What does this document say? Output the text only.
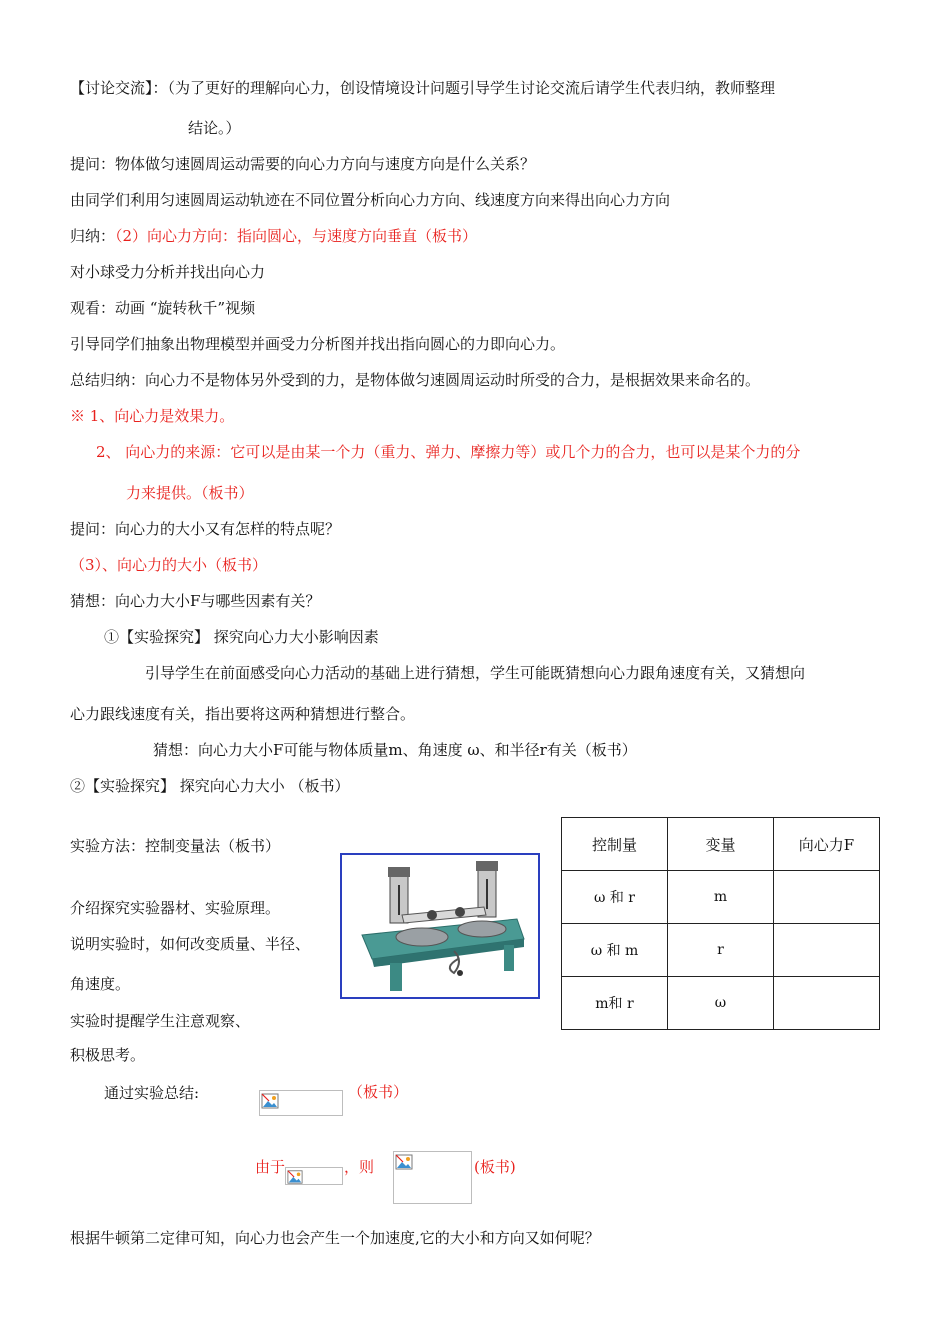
【讨论交流】：（为了更好的理解向心力，创设情境设计问题引导学生讨论交流后请学生代表归纳，教师整理
结论。）
提问：物体做匀速圆周运动需要的向心力方向与速度方向是什么关系？
由同学们利用匀速圆周运动轨迹在不同位置分析向心力方向、线速度方向来得出向心力方向
归纳：（2）向心力方向：指向圆心，与速度方向垂直（板书）
对小球受力分析并找出向心力
观看：动画 “旋转秋千”视频
引导同学们抽象出物理模型并画受力分析图并找出指向圆心的力即向心力。
总结归纳：向心力不是物体另外受到的力，是物体做匀速圆周运动时所受的合力，是根据效果来命名的。
※ 1、向心力是效果力。
2、 向心力的来源：它可以是由某一个力（重力、弹力、摩擦力等）或几个力的合力，也可以是某个力的分
力来提供。（板书）
提问：向心力的大小又有怎样的特点呢？
（3）、向心力的大小（板书）
猜想：向心力大小F与哪些因素有关？
①【实验探究】 探究向心力大小影响因素
引导学生在前面感受向心力活动的基础上进行猜想，学生可能既猜想向心力跟角速度有关，又猜想向
心力跟线速度有关，指出要将这两种猜想进行整合。
猜想：向心力大小F可能与物体质量m、角速度 ω、和半径r有关（板书）
②【实验探究】 探究向心力大小 （板书）
实验方法：控制变量法（板书）
介绍探究实验器材、实验原理。
说明实验时，如何改变质量、半径、
角速度。
实验时提醒学生注意观察、
积极思考。
控制量	变量	向心力F
ω 和 r	m	
ω 和 m	r	
m和 r	ω	
通过实验总结:	（板书）
由于	，则	(板书)
根据牛顿第二定律可知，向心力也会产生一个加速度,它的大小和方向又如何呢？
